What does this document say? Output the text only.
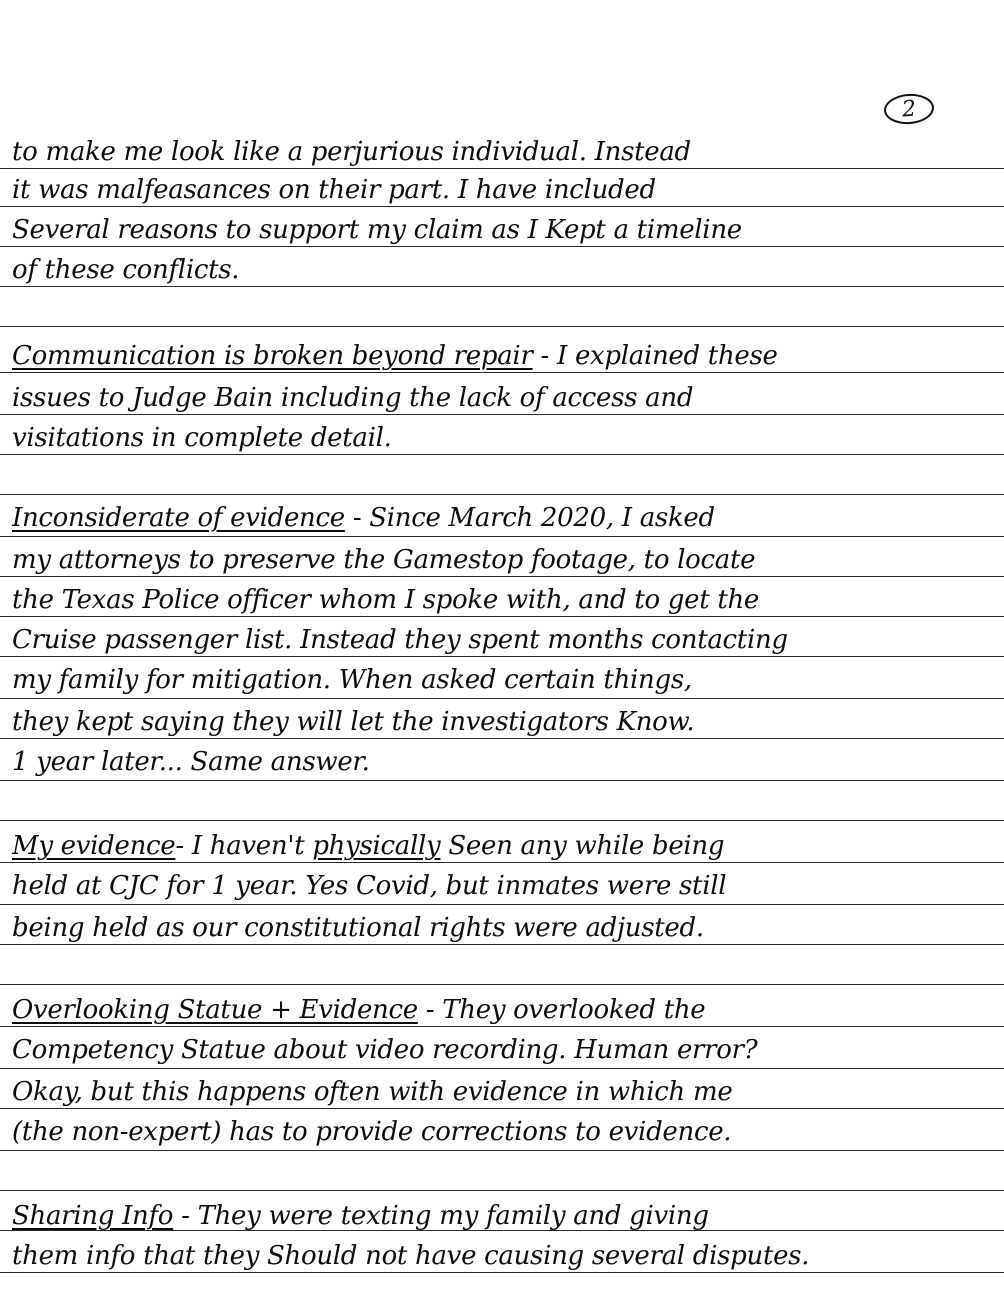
2
to make me look like a perjurious individual. Instead
it was malfeasances on their part. I have included
Several reasons to support my claim as I Kept a timeline
of these conflicts.
Communication is broken beyond repair - I explained these
issues to Judge Bain including the lack of access and
visitations in complete detail.
Inconsiderate of evidence - Since March 2020, I asked
my attorneys to preserve the Gamestop footage, to locate
the Texas Police officer whom I spoke with, and to get the
Cruise passenger list. Instead they spent months contacting
my family for mitigation. When asked certain things,
they kept saying they will let the investigators Know.
1 year later... Same answer.
My evidence- I haven't physically Seen any while being
held at CJC for 1 year. Yes Covid, but inmates were still
being held as our constitutional rights were adjusted.
Overlooking Statue + Evidence - They overlooked the
Competency Statue about video recording. Human error?
Okay, but this happens often with evidence in which me
(the non-expert) has to provide corrections to evidence.
Sharing Info - They were texting my family and giving
them info that they Should not have causing several disputes.
